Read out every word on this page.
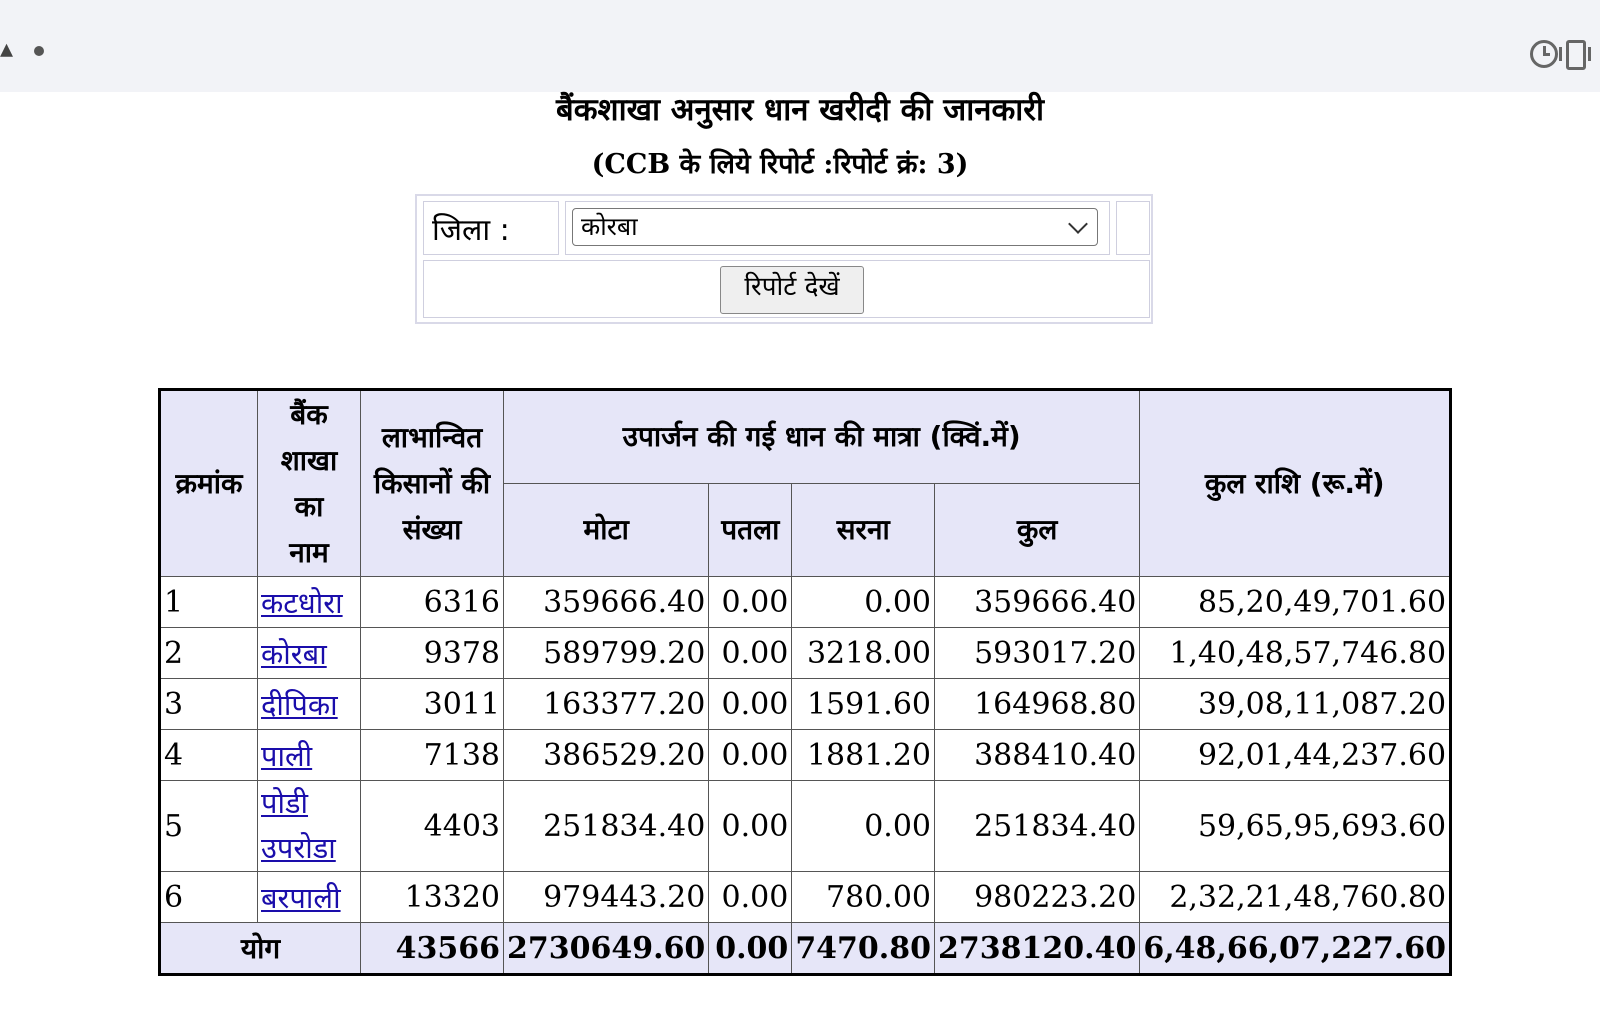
▴
बैंकशाखा अनुसार धान खरीदी की जानकारी
(CCB के लिये रिपोर्ट :रिपोर्ट क्रं: 3)
जिला :	कोरबा
रिपोर्ट देखें
क्रमांक	बैंक शाखा का नाम	लाभान्वित किसानों की संख्या	उपार्जन की गई धान की मात्रा (क्विं.में)				कुल राशि (रू.में)
			मोटा	पतला	सरना	कुल	
1	कटधोरा	6316	359666.40	0.00	0.00	359666.40	85,20,49,701.60
2	कोरबा	9378	589799.20	0.00	3218.00	593017.20	1,40,48,57,746.80
3	दीपिका	3011	163377.20	0.00	1591.60	164968.80	39,08,11,087.20
4	पाली	7138	386529.20	0.00	1881.20	388410.40	92,01,44,237.60
5	पोडी उपरोडा	4403	251834.40	0.00	0.00	251834.40	59,65,95,693.60
6	बरपाली	13320	979443.20	0.00	780.00	980223.20	2,32,21,48,760.80
योग		43566	2730649.60	0.00	7470.80	2738120.40	6,48,66,07,227.60
